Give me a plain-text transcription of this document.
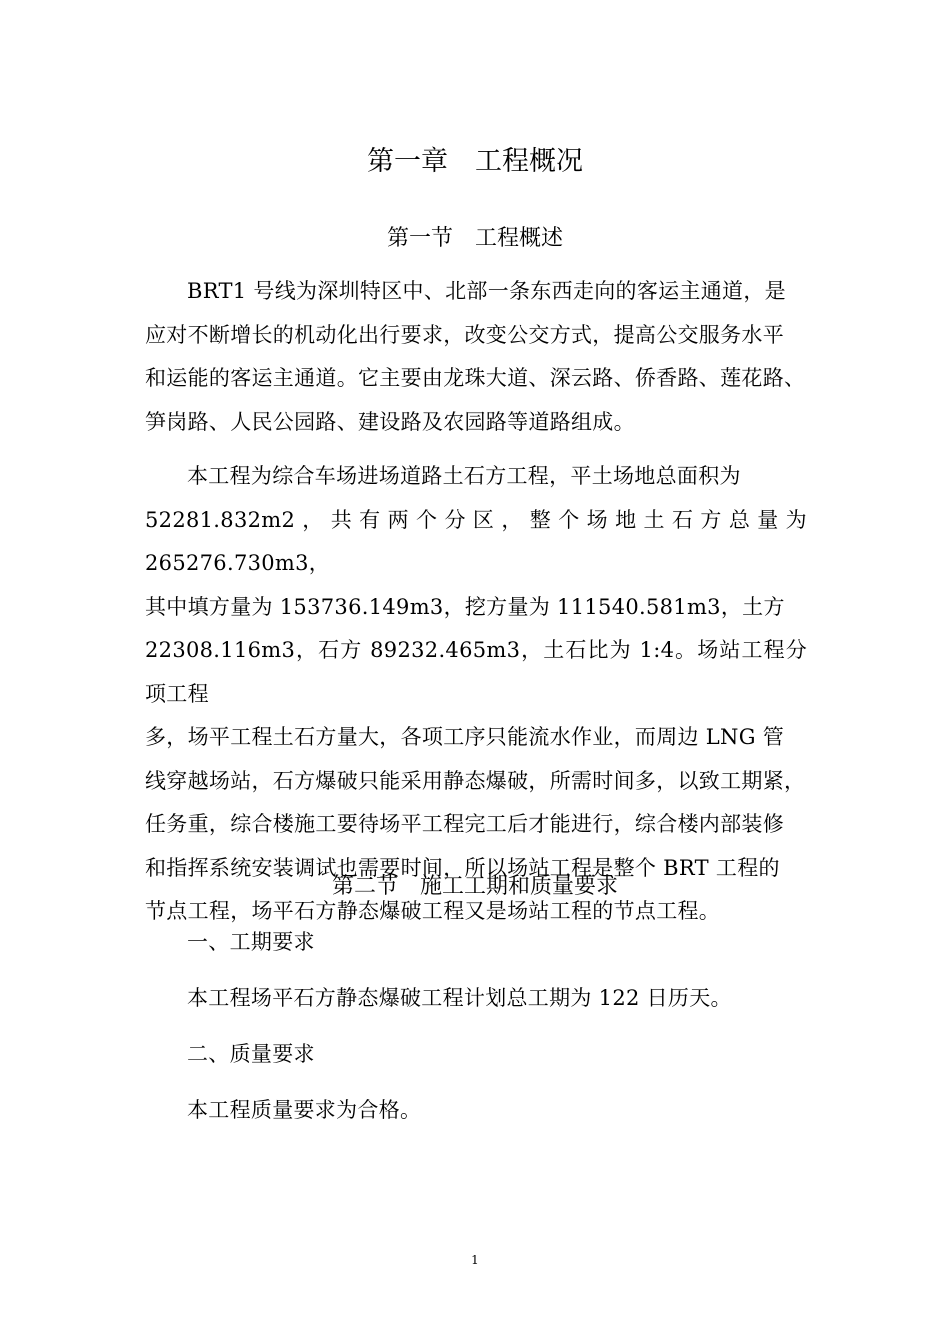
第一章　工程概况
第一节　工程概述

BRT1 号线为深圳特区中、北部一条东西走向的客运主通道，是
应对不断增长的机动化出行要求，改变公交方式，提高公交服务水平
和运能的客运主通道。它主要由龙珠大道、深云路、侨香路、莲花路、
笋岗路、人民公园路、建设路及农园路等道路组成。

本工程为综合车场进场道路土石方工程，平土场地总面积为
52281.832m2，共有两个分区，整个场地土石方总量为 265276.730m3，
其中填方量为 153736.149m3，挖方量为 111540.581m3，土方
22308.116m3，石方 89232.465m3，土石比为 1:4。场站工程分项工程
多，场平工程土石方量大，各项工序只能流水作业，而周边 LNG 管
线穿越场站，石方爆破只能采用静态爆破，所需时间多，以致工期紧，
任务重，综合楼施工要待场平工程完工后才能进行，综合楼内部装修
和指挥系统安装调试也需要时间，所以场站工程是整个 BRT 工程的
节点工程，场平石方静态爆破工程又是场站工程的节点工程。

第二节　施工工期和质量要求

一、工期要求

本工程场平石方静态爆破工程计划总工期为 122 日历天。

二、质量要求

本工程质量要求为合格。

1
